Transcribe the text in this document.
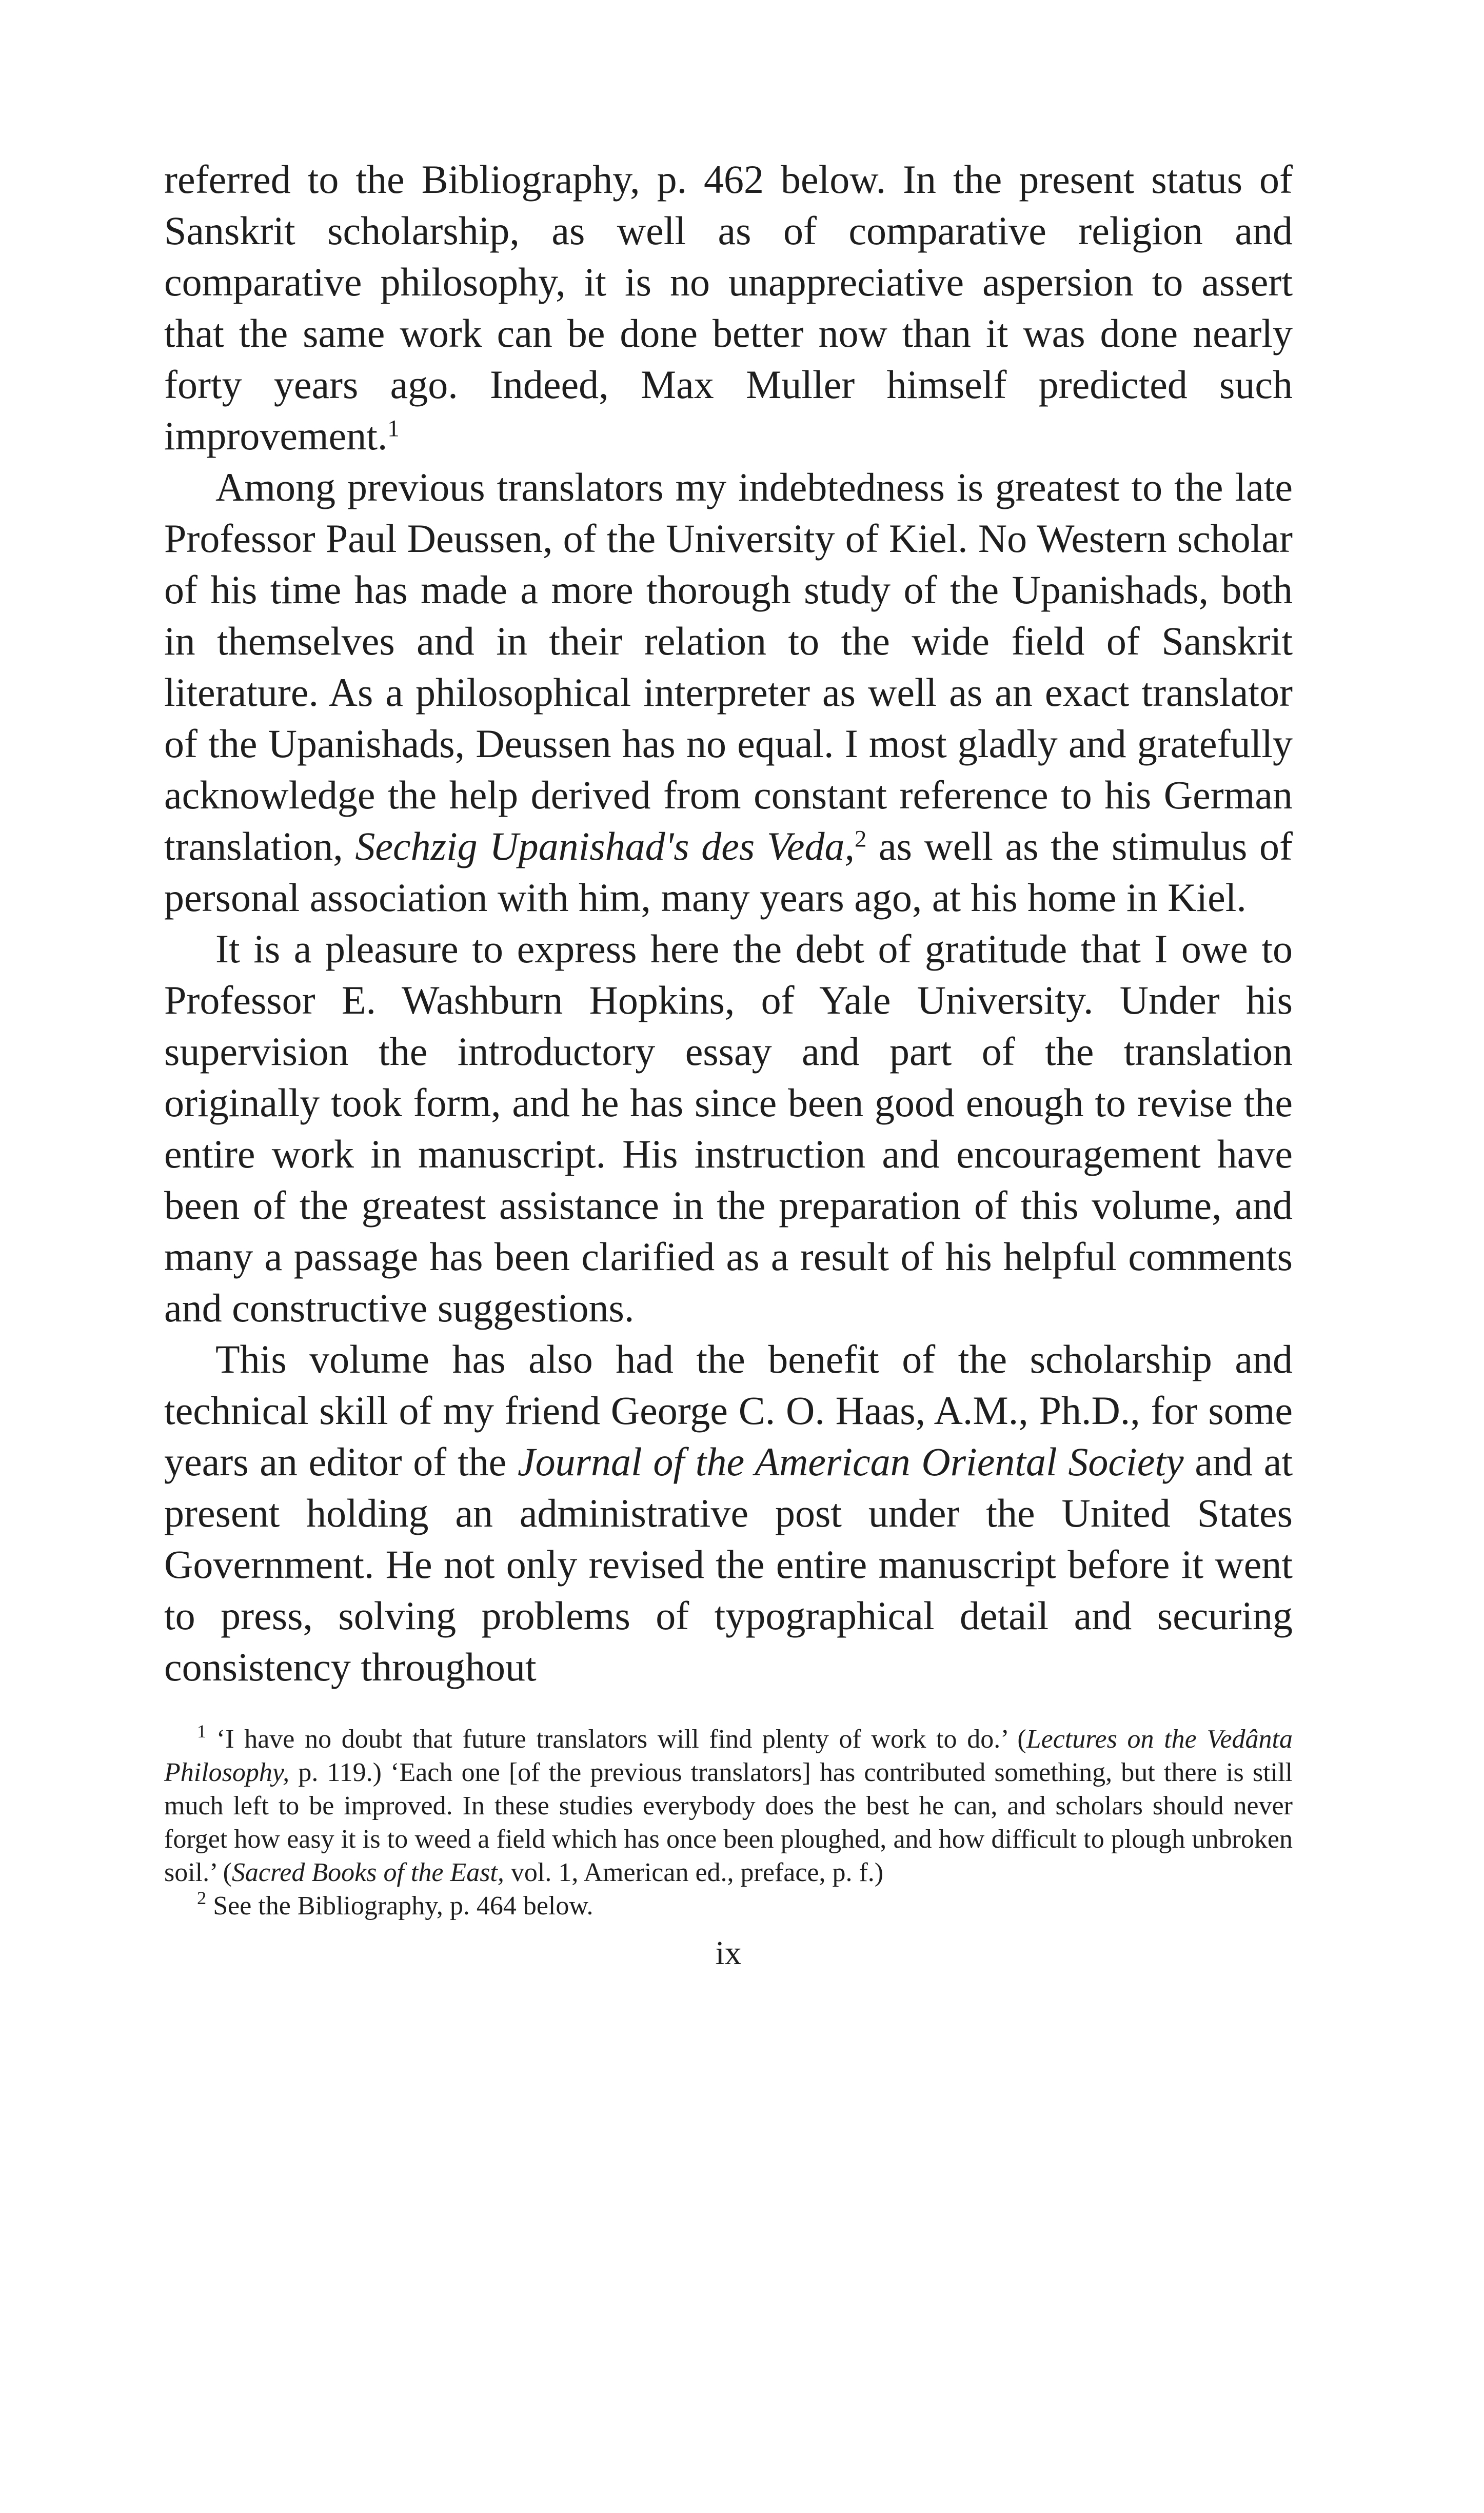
referred to the Bibliography, p. 462 below. In the present status of Sanskrit scholarship, as well as of comparative religion and comparative philosophy, it is no unappreciative aspersion to assert that the same work can be done better now than it was done nearly forty years ago. Indeed, Max Muller himself predicted such improvement.$^1$

Among previous translators my indebtedness is greatest to the late Professor Paul Deussen, of the University of Kiel. No Western scholar of his time has made a more thorough study of the Upanishads, both in themselves and in their relation to the wide field of Sanskrit literature. As a philosophical interpreter as well as an exact translator of the Upanishads, Deussen has no equal. I most gladly and gratefully acknowledge the help derived from constant reference to his German translation, Sechzig Upanishad's des Veda,$^2$ as well as the stimulus of personal association with him, many years ago, at his home in Kiel.

It is a pleasure to express here the debt of gratitude that I owe to Professor E. Washburn Hopkins, of Yale University. Under his supervision the introductory essay and part of the translation originally took form, and he has since been good enough to revise the entire work in manuscript. His instruction and encouragement have been of the greatest assistance in the preparation of this volume, and many a passage has been clarified as a result of his helpful comments and constructive suggestions.

This volume has also had the benefit of the scholarship and technical skill of my friend George C. O. Haas, A.M., Ph.D., for some years an editor of the Journal of the American Oriental Society and at present holding an administrative post under the United States Government. He not only revised the entire manuscript before it went to press, solving problems of typographical detail and securing consistency throughout

$^1$ ‘I have no doubt that future translators will find plenty of work to do.’ (Lectures on the Vedânta Philosophy, p. 119.) ‘Each one [of the previous translators] has contributed something, but there is still much left to be improved. In these studies everybody does the best he can, and scholars should never forget how easy it is to weed a field which has once been ploughed, and how difficult to plough unbroken soil.’ (Sacred Books of the East, vol. 1, American ed., preface, p. f.)

$^2$ See the Bibliography, p. 464 below.

ix
